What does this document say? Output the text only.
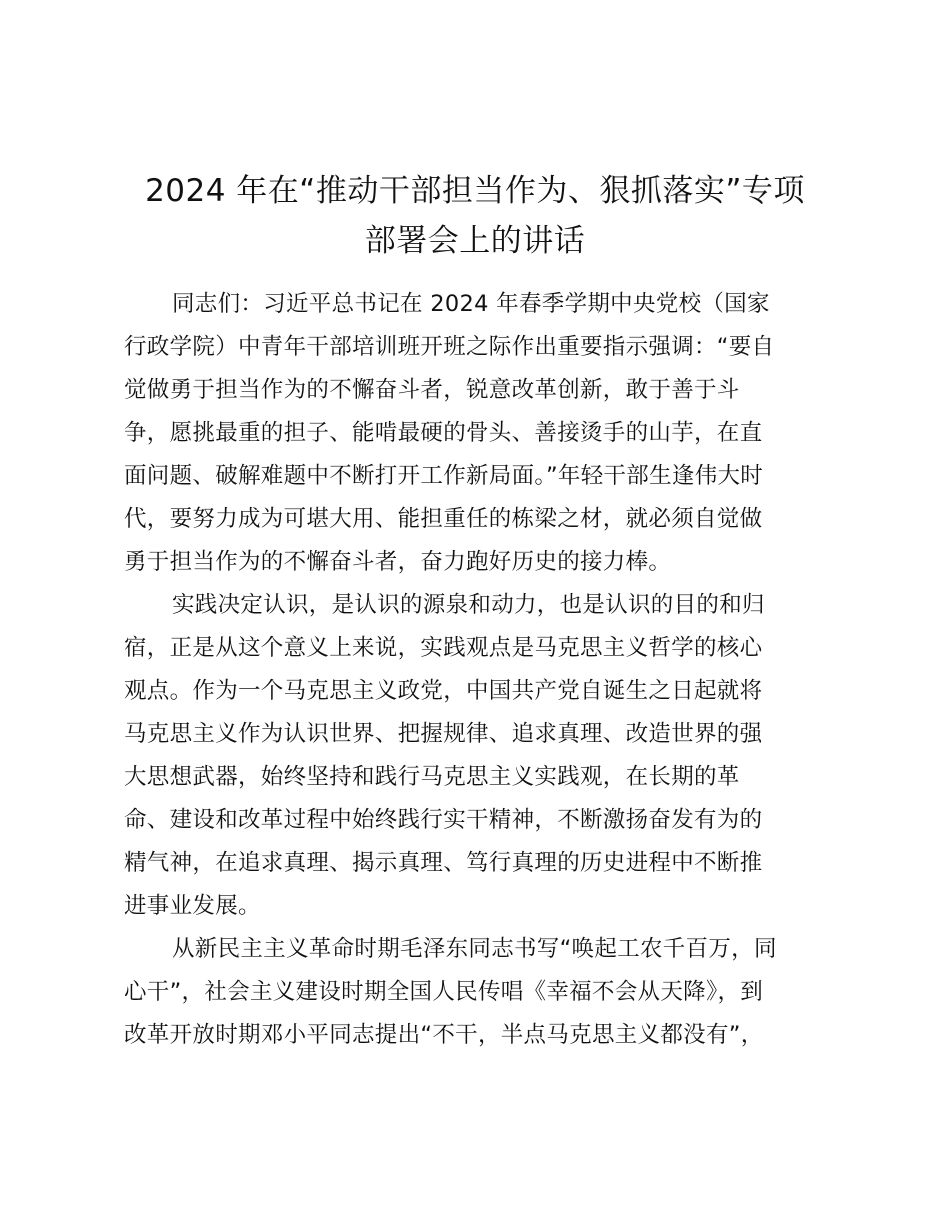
2024 年在“推动干部担当作为、狠抓落实”专项
部署会上的讲话

同志们：习近平总书记在 2024 年春季学期中央党校（国家
行政学院）中青年干部培训班开班之际作出重要指示强调：“要自
觉做勇于担当作为的不懈奋斗者，锐意改革创新，敢于善于斗
争，愿挑最重的担子、能啃最硬的骨头、善接烫手的山芋，在直
面问题、破解难题中不断打开工作新局面。”年轻干部生逢伟大时
代，要努力成为可堪大用、能担重任的栋梁之材，就必须自觉做
勇于担当作为的不懈奋斗者，奋力跑好历史的接力棒。

实践决定认识，是认识的源泉和动力，也是认识的目的和归
宿，正是从这个意义上来说，实践观点是马克思主义哲学的核心
观点。作为一个马克思主义政党，中国共产党自诞生之日起就将
马克思主义作为认识世界、把握规律、追求真理、改造世界的强
大思想武器，始终坚持和践行马克思主义实践观，在长期的革
命、建设和改革过程中始终践行实干精神，不断激扬奋发有为的
精气神，在追求真理、揭示真理、笃行真理的历史进程中不断推
进事业发展。

从新民主主义革命时期毛泽东同志书写“唤起工农千百万，同
心干”，社会主义建设时期全国人民传唱《幸福不会从天降》，到
改革开放时期邓小平同志提出“不干，半点马克思主义都没有”，
